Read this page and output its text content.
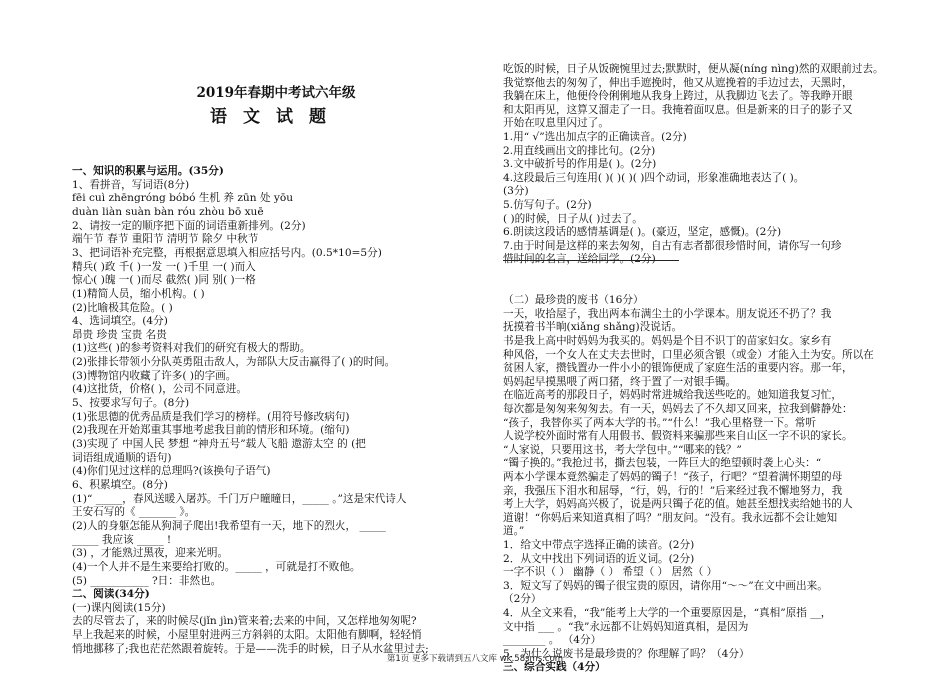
2019年春期中考试六年级
语文试题
一、知识的积累与运用。(35分)
1、看拼音，写词语(8分)
fēi cuì zhēngróng bóbó 生机 养 zūn 处 yōu
duàn liàn suàn bàn róu zhòu bō xuē
2、请按一定的顺序把下面的词语重新排列。(2分)
端午节 春节 重阳节 清明节 除夕 中秋节
3、把词语补充完整，再根据意思填入相应括号内。(0.5*10=5分)
精兵( )政 千( )一发 一( )千里 一( )而入
惊心( )魄 一( )而尽 截然( )同 别( )一格
(1)精简人员，缩小机构。( )
(2)比喻极其危险。( )
4、选词填空。(4分)
昂贵 珍贵 宝贵 名贵
(1)这些( )的参考资料对我们的研究有极大的帮助。
(2)张排长带领小分队英勇阻击敌人，为部队大反击赢得了( )的时间。
(3)博物馆内收藏了许多( )的字画。
(4)这批货，价格( )，公司不同意进。
5、按要求写句子。(8分)
(1)张思德的优秀品质是我们学习的榜样。(用符号修改病句)
(2)我现在开始郑重其事地考虑我目前的情形和环境。(缩句)
(3)实现了 中国人民 梦想 “神舟五号”载人飞船 遨游太空 的 (把
词语组成通顺的语句)
(4)你们见过这样的总理吗?(该换句子语气)
6、积累填空。(8分)
(1)“ _____，春风送暖入屠苏。千门万户曈曈日，_____ 。”这是宋代诗人
王安石写的《 _______ 》。
(2)人的身躯怎能从狗洞子爬出!我希望有一天，地下的烈火， _____
_____ 我应该 _____ !
(3) ，才能熟过黑夜，迎来光明。
(4)一个人并不是生来要给打败的。_____ ，可就是打不败他。
(5) ___________ ?日：非然也。
二、阅读(34分)
(一)课内阅读(15分)
去的尽管去了，来的时候尽(jǐn jìn)管来着;去来的中间，又怎样地匆匆呢?
早上我起来的时候，小屋里射进两三方斜斜的太阳。太阳他有脚啊，轻轻悄
悄地挪移了;我也茫茫然跟着旋转。于是——洗手的时候，日子从水盆里过去;
吃饭的时候，日子从饭碗惋里过去;默默时，便从凝(níng nìng)然的双眼前过去。
我觉察他去的匆匆了，伸出手遮挽时，他又从遮挽着的手边过去，天黑时，
我躺在床上，他便伶伶俐俐地从我身上跨过，从我脚边飞去了。等我睁开眼
和太阳再见，这算又溜走了一日。我掩着面叹息。但是新来的日子的影子又
开始在叹息里闪过了。
1.用“ √”选出加点字的正确读音。(2分)
2.用直线画出文的排比句。(2分)
3.文中破折号的作用是( )。(2分)
4.这段最后三句连用( )( )( )( )四个动词，形象准确地表达了( )。
(3分)
5.仿写句子。(2分)
( )的时候，日子从( )过去了。
6.朗读这段话的感情基调是( )。(豪迈，坚定，感慨)。(2分)
7.由于时间是这样的来去匆匆，自古有志者都很珍惜时间，请你写一句珍
惜时间的名言，送给同学。(2分)
（二）最珍贵的废书（16分）
一天，收拾屋子，我出两本布满尘土的小学课本。朋友说还不扔了？我
抚摸着书半晌(xiǎng shǎng)没说话。
书是我上高中时妈妈为我买的。妈妈是个目不识丁的苗家妇女。家乡有
种风俗，一个女人在丈夫去世时，口里必须含银（或金）才能入土为安。所以在
贫困人家，攒钱置办一件小小的银饰便成了家庭生活的重要内容。那一年，
妈妈起早摸黑喂了两口猪，终于置了一对银手镯。
在临近高考的那段日子，妈妈时常进城给我送些吃的。她知道我复习忙，
每次都是匆匆来匆匆去。有一天，妈妈去了不久却又回来，拉我到僻静处：
“孩子，我替你买了两本大学的书。”“什么！”我心里格登一下。常听
人说学校外面时常有人用假书、假资料来骗那些来自山区一字不识的家长。
“人家说，只要用这书，考大学包中。”“哪来的钱？”
“镯子换的。”我抢过书，撕去包装，一阵巨大的绝望顿时袭上心头：“
两本小学课本竟然骗走了妈妈的镯子！“孩子，行吧？”望着满怀期望的母
亲，我强压下泪水和屈辱，“行，妈，行的！”后来经过我不懈地努力，我
考上大学，妈妈高兴极了，说是两只镯子花的值。她甚至想找卖给她书的人
道谢！“你妈后来知道真相了吗？”朋友问。“没有。我永远都不会让她知
道。”
1．给文中带点字选择正确的读音。(2分)
2．从文中找出下列词语的近义词。(2分)
一字不识（ ） 幽静（ ） 希望（ ） 居然（ ）
3．短文写了妈妈的镯子很宝贵的原因，请你用“～～”在文中画出来。
（2分）
4．从全文来看，“我”能考上大学的一个重要原因是，“真相”原指 __，
文中指 ___ 。“我”永远都不让妈妈知道真相，是因为
________ 。 （4分）
5．为什么说废书是最珍贵的？你理解了吗？（4分）
三、综合实践（4分）
第1页 更多下载请到五八文库 wk.58sms.com
